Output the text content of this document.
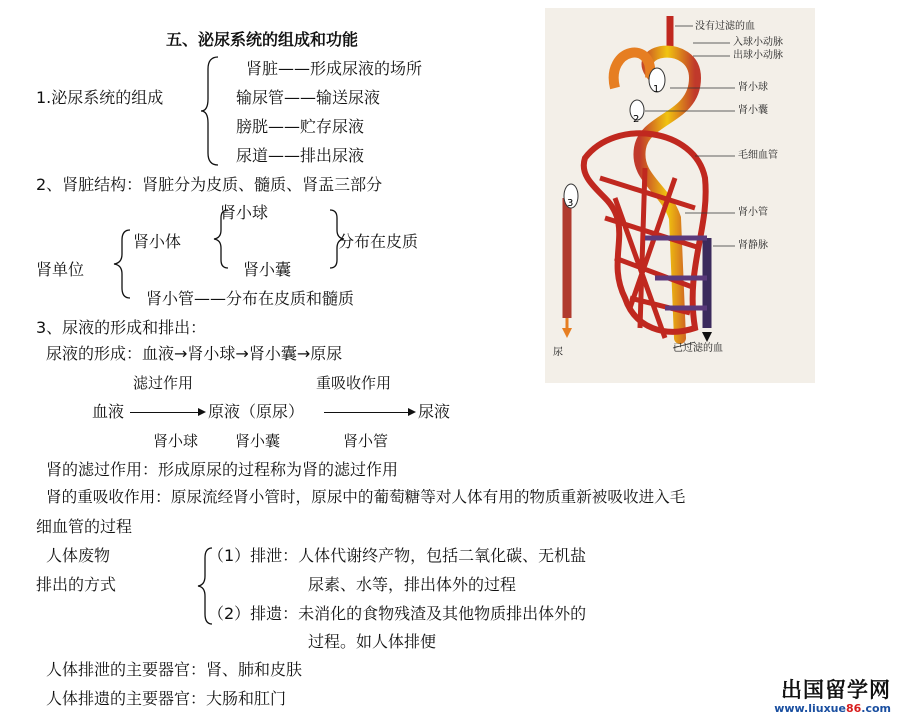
五、泌尿系统的组成和功能
1.泌尿系统的组成
肾脏——形成尿液的场所
输尿管——输送尿液
膀胱——贮存尿液
尿道——排出尿液
2、肾脏结构：肾脏分为皮质、髓质、肾盂三部分
肾小球
肾小体	分布在皮质
肾小囊
肾单位
肾小管——分布在皮质和髓质
3、尿液的形成和排出：
尿液的形成：血液→肾小球→肾小囊→原尿
滤过作用	重吸收作用
血液	原液（原尿）	尿液
肾小球 肾小囊	肾小管
肾的滤过作用：形成原尿的过程称为肾的滤过作用
肾的重吸收作用：原尿流经肾小管时，原尿中的葡萄糖等对人体有用的物质重新被吸收进入毛
细血管的过程
人体废物
排出的方式
（1）排泄：人体代谢终产物，包括二氧化碳、无机盐
尿素、水等，排出体外的过程
（2）排遗：未消化的食物残渣及其他物质排出体外的
过程。如人体排便
人体排泄的主要器官：肾、肺和皮肤
人体排遗的主要器官：大肠和肛门
1
2
3
没有过滤的血
入球小动脉
出球小动脉
肾小球
肾小囊
毛细血管
肾小管
肾静脉
尿	已过滤的血
出国留学网
www.liuxue86.com
